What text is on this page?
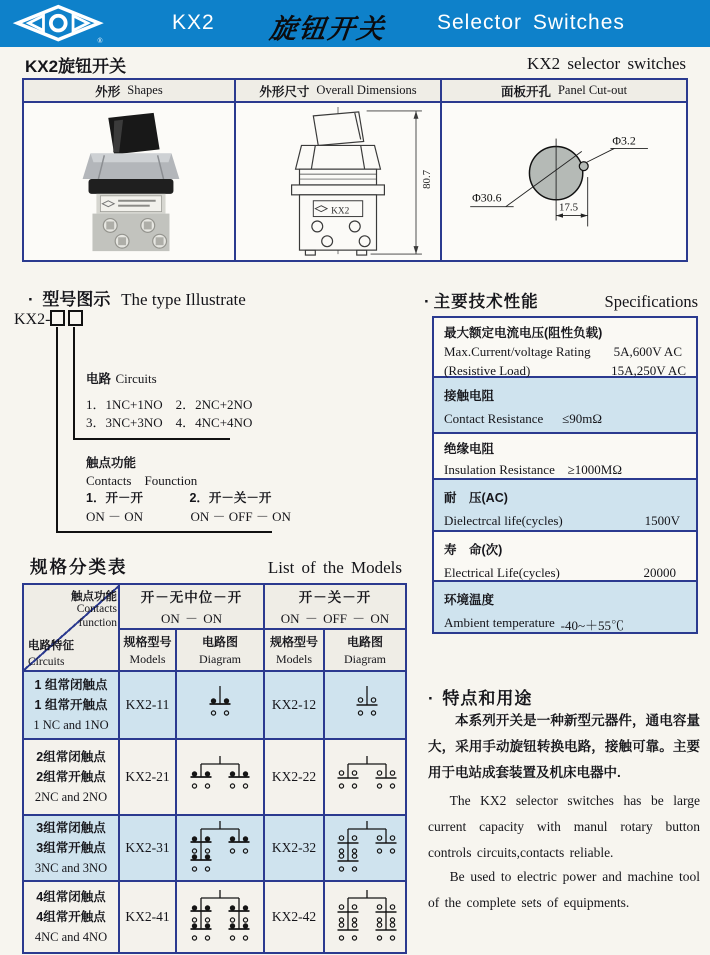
®
KX2 旋钮开关 Selector Switches
KX2旋钮开关	KX2 selector switches
外形 Shapes	外形尺寸 Overall Dimensions	面板开孔 Panel Cut-out
KX2
80.7
Φ30.6
Φ3.2
17.5
· 型号图示 The type Illustrate
KX2-
电路 Circuits
1．1NC+1NO　2．2NC+2NO
3．3NC+3NO　4．4NC+4NO
触点功能
Contacts　Founction
1．开－开	2．开－关－开
ON － ON	ON － OFF － ON
· 主要技术性能	Specifications
最大额定电流电压(阻性负载)
Max.Current/voltage Rating 5A,600V AC
(Resistive Load)	15A,250V AC
接触电阻
Contact Resistance ≤90mΩ
绝缘电阻
Insulation Resistance ≥1000MΩ
耐　压(AC)
Dielectrcal life(cycles)	1500V
寿　命(次)
Electrical Life(cycles)	20000
环境温度
Ambient temperature -40~＋55℃
规格分类表	List of the Models
触点功能
Contacts
function
电路特征
Circuits

开－无中位－开
ON － ON

开－关－开
ON － OFF － ON

规格型号
Models

电路图
Diagram

规格型号
Models

电路图
Diagram

1 组常闭触点
1 组常开触点
1 NC and 1NO	KX2-11		KX2-12	

2组常闭触点
2组常开触点
2NC and 2NO	KX2-21		KX2-22	

3组常闭触点
3组常开触点
3NC and 3NO	KX2-31		KX2-32	

4组常闭触点
4组常开触点
4NC and 4NO	KX2-41		KX2-42	
· 特点和用途
本系列开关是一种新型元器件，通电容量大，采用手动旋钮转换电路，接触可靠。主要用于电站成套装置及机床电器中.
The KX2 selector switches has be large current capacity with manul rotary button controls circuits,contacts reliable.
Be used to electric power and machine tool of the complete sets of equipments.
